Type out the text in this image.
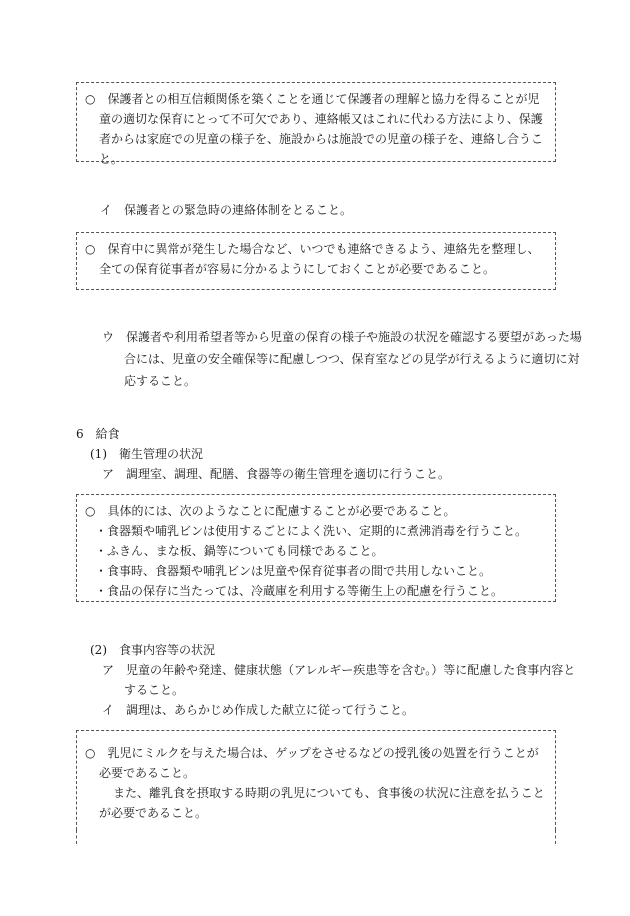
○　保護者との相互信頼関係を築くことを通じて保護者の理解と協力を得ることが児童の適切な保育にとって不可欠であり、連絡帳又はこれに代わる方法により、保護者からは家庭での児童の様子を、施設からは施設での児童の様子を、連絡し合うこと。

イ　保護者との緊急時の連絡体制をとること。

○　保育中に異常が発生した場合など、いつでも連絡できるよう、連絡先を整理し、全ての保育従事者が容易に分かるようにしておくことが必要であること。

ウ　保護者や利用希望者等から児童の保育の様子や施設の状況を確認する要望があった場合には、児童の安全確保等に配慮しつつ、保育室などの見学が行えるように適切に対応すること。

6　給食

(1)　衛生管理の状況

ア　調理室、調理、配膳、食器等の衛生管理を適切に行うこと。

○　具体的には、次のようなことに配慮することが必要であること。

・食器類や哺乳ビンは使用するごとによく洗い、定期的に煮沸消毒を行うこと。

・ふきん、まな板、鍋等についても同様であること。

・食事時、食器類や哺乳ビンは児童や保育従事者の間で共用しないこと。

・食品の保存に当たっては、冷蔵庫を利用する等衛生上の配慮を行うこと。

(2)　食事内容等の状況

ア　児童の年齢や発達、健康状態（アレルギー疾患等を含む。）等に配慮した食事内容とすること。

イ　調理は、あらかじめ作成した献立に従って行うこと。

○　乳児にミルクを与えた場合は、ゲップをさせるなどの授乳後の処置を行うことが必要であること。

また、離乳食を摂取する時期の乳児についても、食事後の状況に注意を払うことが必要であること。
